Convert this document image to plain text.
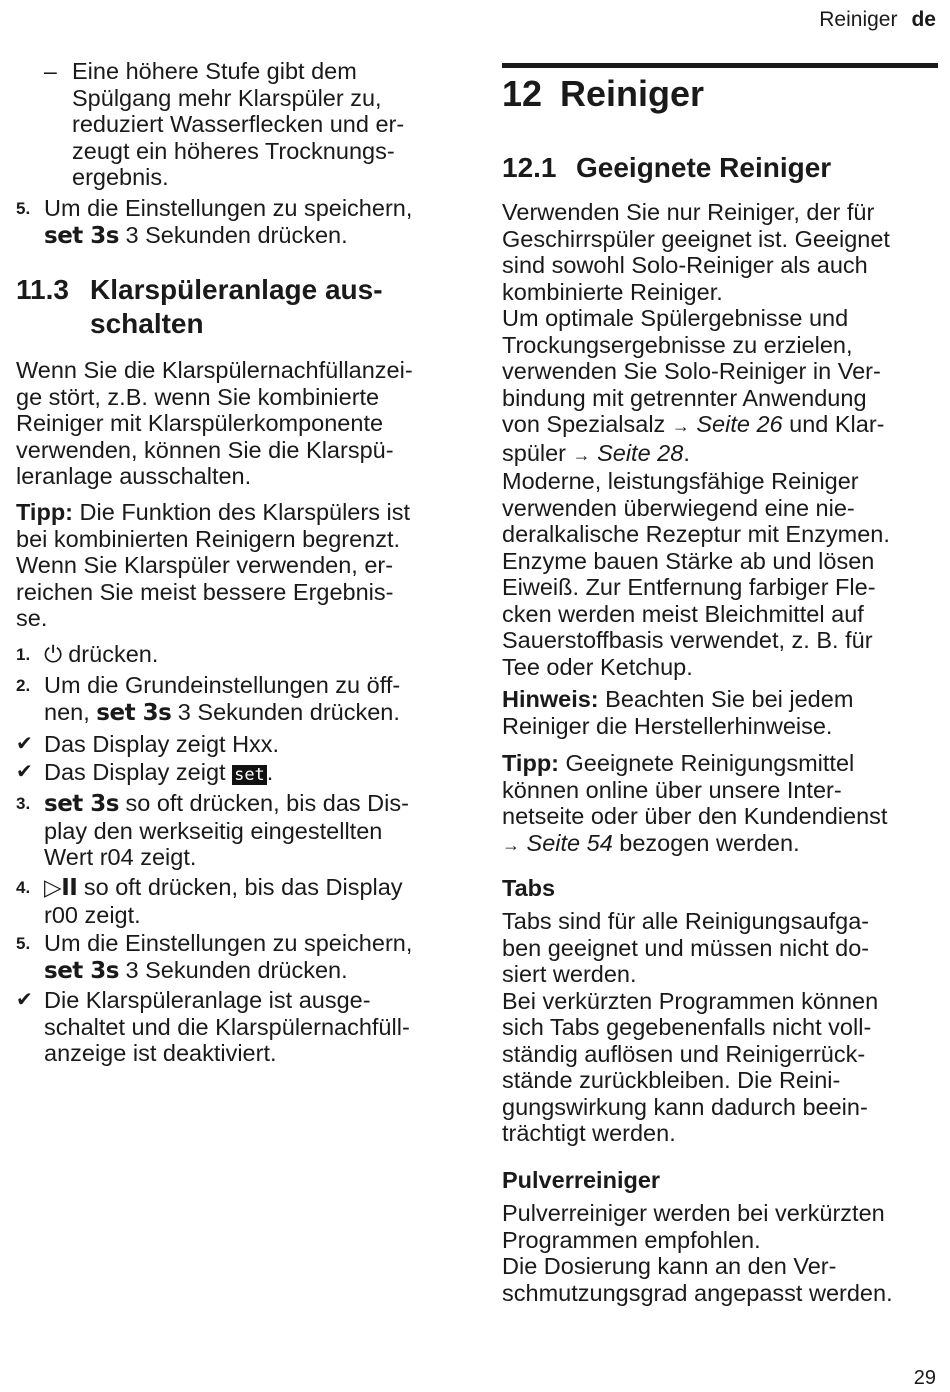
Reiniger de
– Eine höhere Stufe gibt dem
Spülgang mehr Klarspüler zu,
reduziert Wasserflecken und er-
zeugt ein höheres Trocknungs-
ergebnis.
5. Um die Einstellungen zu speichern,
set 3s 3 Sekunden drücken.
11.3 Klarspüleranlage aus-
schalten
Wenn Sie die Klarspülernachfüllanzei-
ge stört, z.B. wenn Sie kombinierte
Reiniger mit Klarspülerkomponente
verwenden, können Sie die Klarspü-
leranlage ausschalten.
Tipp: Die Funktion des Klarspülers ist
bei kombinierten Reinigern begrenzt.
Wenn Sie Klarspüler verwenden, er-
reichen Sie meist bessere Ergebnis-
se.
1. ⏻ drücken.
2. Um die Grundeinstellungen zu öff-
nen, set 3s 3 Sekunden drücken.
✔ Das Display zeigt Hxx.
✔ Das Display zeigt set.
3. set 3s so oft drücken, bis das Dis-
play den werkseitig eingestellten
Wert r04 zeigt.
4. ▷II so oft drücken, bis das Display
r00 zeigt.
5. Um die Einstellungen zu speichern,
set 3s 3 Sekunden drücken.
✔ Die Klarspüleranlage ist ausge-
schaltet und die Klarspülernachfüll-
anzeige ist deaktiviert.
12 Reiniger
12.1 Geeignete Reiniger
Verwenden Sie nur Reiniger, der für
Geschirrspüler geeignet ist. Geeignet
sind sowohl Solo-Reiniger als auch
kombinierte Reiniger.
Um optimale Spülergebnisse und
Trockungsergebnisse zu erzielen,
verwenden Sie Solo-Reiniger in Ver-
bindung mit getrennter Anwendung
von Spezialsalz → Seite 26 und Klar-
spüler → Seite 28.
Moderne, leistungsfähige Reiniger
verwenden überwiegend eine nie-
deralkalische Rezeptur mit Enzymen.
Enzyme bauen Stärke ab und lösen
Eiweiß. Zur Entfernung farbiger Fle-
cken werden meist Bleichmittel auf
Sauerstoffbasis verwendet, z. B. für
Tee oder Ketchup.
Hinweis: Beachten Sie bei jedem
Reiniger die Herstellerhinweise.
Tipp: Geeignete Reinigungsmittel
können online über unsere Inter-
netseite oder über den Kundendienst
→ Seite 54 bezogen werden.
Tabs
Tabs sind für alle Reinigungsaufga-
ben geeignet und müssen nicht do-
siert werden.
Bei verkürzten Programmen können
sich Tabs gegebenenfalls nicht voll-
ständig auflösen und Reinigerrück-
stände zurückbleiben. Die Reini-
gungswirkung kann dadurch beein-
trächtigt werden.
Pulverreiniger
Pulverreiniger werden bei verkürzten
Programmen empfohlen.
Die Dosierung kann an den Ver-
schmutzungsgrad angepasst werden.
29
